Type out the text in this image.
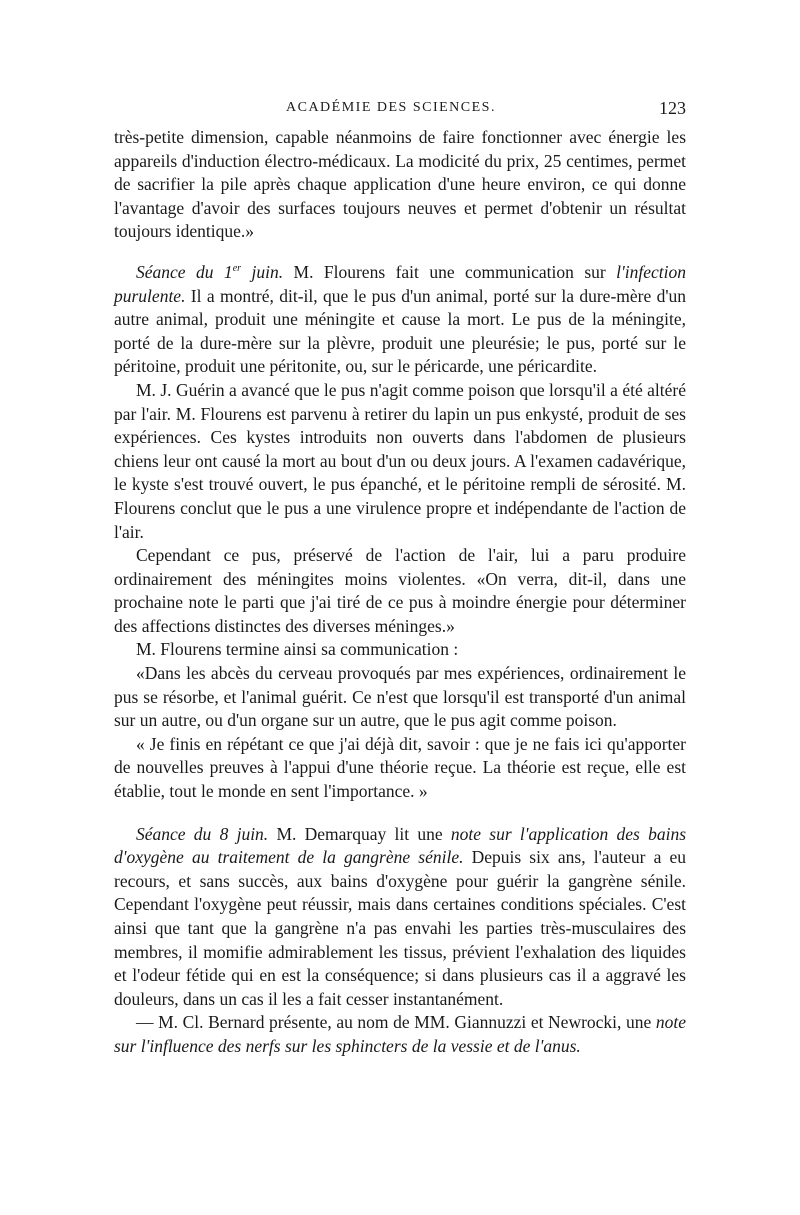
ACADÉMIE DES SCIENCES.	123

très-petite dimension, capable néanmoins de faire fonctionner avec énergie les appareils d'induction électro-médicaux. La modicité du prix, 25 centimes, permet de sacrifier la pile après chaque application d'une heure environ, ce qui donne l'avantage d'avoir des surfaces toujours neuves et permet d'obtenir un résultat toujours identique.»

Séance du 1er juin. M. Flourens fait une communication sur l'infection purulente. Il a montré, dit-il, que le pus d'un animal, porté sur la dure-mère d'un autre animal, produit une méningite et cause la mort. Le pus de la méningite, porté de la dure-mère sur la plèvre, produit une pleurésie; le pus, porté sur le péritoine, produit une péritonite, ou, sur le péricarde, une péricardite.

M. J. Guérin a avancé que le pus n'agit comme poison que lorsqu'il a été altéré par l'air. M. Flourens est parvenu à retirer du lapin un pus enkysté, produit de ses expériences. Ces kystes introduits non ouverts dans l'abdomen de plusieurs chiens leur ont causé la mort au bout d'un ou deux jours. A l'examen cadavérique, le kyste s'est trouvé ouvert, le pus épanché, et le péritoine rempli de sérosité. M. Flourens conclut que le pus a une virulence propre et indépendante de l'action de l'air.

Cependant ce pus, préservé de l'action de l'air, lui a paru produire ordinairement des méningites moins violentes. «On verra, dit-il, dans une prochaine note le parti que j'ai tiré de ce pus à moindre énergie pour déterminer des affections distinctes des diverses méninges.»

M. Flourens termine ainsi sa communication :

«Dans les abcès du cerveau provoqués par mes expériences, ordinairement le pus se résorbe, et l'animal guérit. Ce n'est que lorsqu'il est transporté d'un animal sur un autre, ou d'un organe sur un autre, que le pus agit comme poison.

« Je finis en répétant ce que j'ai déjà dit, savoir : que je ne fais ici qu'apporter de nouvelles preuves à l'appui d'une théorie reçue. La théorie est reçue, elle est établie, tout le monde en sent l'importance. »

Séance du 8 juin. M. Demarquay lit une note sur l'application des bains d'oxygène au traitement de la gangrène sénile. Depuis six ans, l'auteur a eu recours, et sans succès, aux bains d'oxygène pour guérir la gangrène sénile. Cependant l'oxygène peut réussir, mais dans certaines conditions spéciales. C'est ainsi que tant que la gangrène n'a pas envahi les parties très-musculaires des membres, il momifie admirablement les tissus, prévient l'exhalation des liquides et l'odeur fétide qui en est la conséquence; si dans plusieurs cas il a aggravé les douleurs, dans un cas il les a fait cesser instantanément.

— M. Cl. Bernard présente, au nom de MM. Giannuzzi et Newrocki, une note sur l'influence des nerfs sur les sphincters de la vessie et de l'anus.
